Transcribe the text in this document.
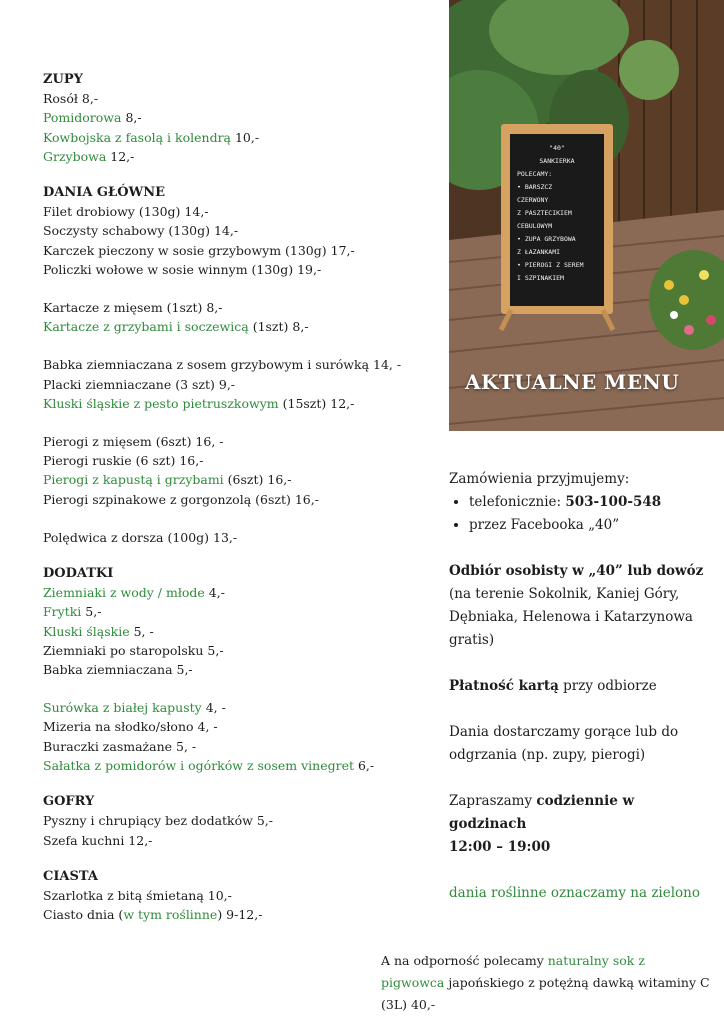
ZUPY
Rosół 8,-
Pomidorowa 8,-
Kowbojska z fasolą i kolendrą 10,-
Grzybowa 12,-
DANIA GŁÓWNE
Filet drobiowy (130g) 14,-
Soczysty schabowy (130g) 14,-
Karczek pieczony w sosie grzybowym (130g) 17,-
Policzki wołowe w sosie winnym (130g) 19,-
Kartacze z mięsem (1szt) 8,-
Kartacze z grzybami i soczewicą (1szt) 8,-
Babka ziemniaczana z sosem grzybowym i surówką 14, -
Placki ziemniaczane (3 szt) 9,-
Kluski śląskie z pesto pietruszkowym (15szt) 12,-
Pierogi z mięsem (6szt) 16, -
Pierogi ruskie (6 szt) 16,-
Pierogi z kapustą i grzybami (6szt) 16,-
Pierogi szpinakowe z gorgonzolą (6szt) 16,-
Polędwica z dorsza (100g) 13,-
DODATKI
Ziemniaki z wody / młode 4,-
Frytki 5,-
Kluski śląskie 5, -
Ziemniaki po staropolsku 5,-
Babka ziemniaczana 5,-
Surówka z białej kapusty 4, -
Mizeria na słodko/słono 4, -
Buraczki zasmażane 5, -
Sałatka z pomidorów i ogórków z sosem vinegret 6,-
GOFRY
Pyszny i chrupiący bez dodatków 5,-
Szefa kuchni 12,-
CIASTA
Szarlotka z bitą śmietaną 10,-
Ciasto dnia (w tym roślinne) 9-12,-
"40"
SANKIERKA
POLECAMY:
• BARSZCZ
CZERWONY
Z PASZTECIKIEM
CEBULOWYM
• ZUPA GRZYBOWA
Z ŁAZANKAMI
• PIEROGI Z SEREM
I SZPINAKIEM
AKTUALNE MENU

Zamówienia przyjmujemy:

• telefonicznie: 503-100-548
• przez Facebooka „40”

Odbiór osobisty w „40” lub dowóz

(na terenie Sokolnik, Kaniej Góry, Dębniaka, Helenowa i Katarzynowa gratis)

Płatność kartą przy odbiorze

Dania dostarczamy gorące lub do odgrzania (np. zupy, pierogi)

Zapraszamy codziennie w godzinach

12:00 – 19:00

dania roślinne oznaczamy na zielono

A na odporność polecamy naturalny sok z pigwowca japońskiego z potężną dawką witaminy C (3L) 40,-
